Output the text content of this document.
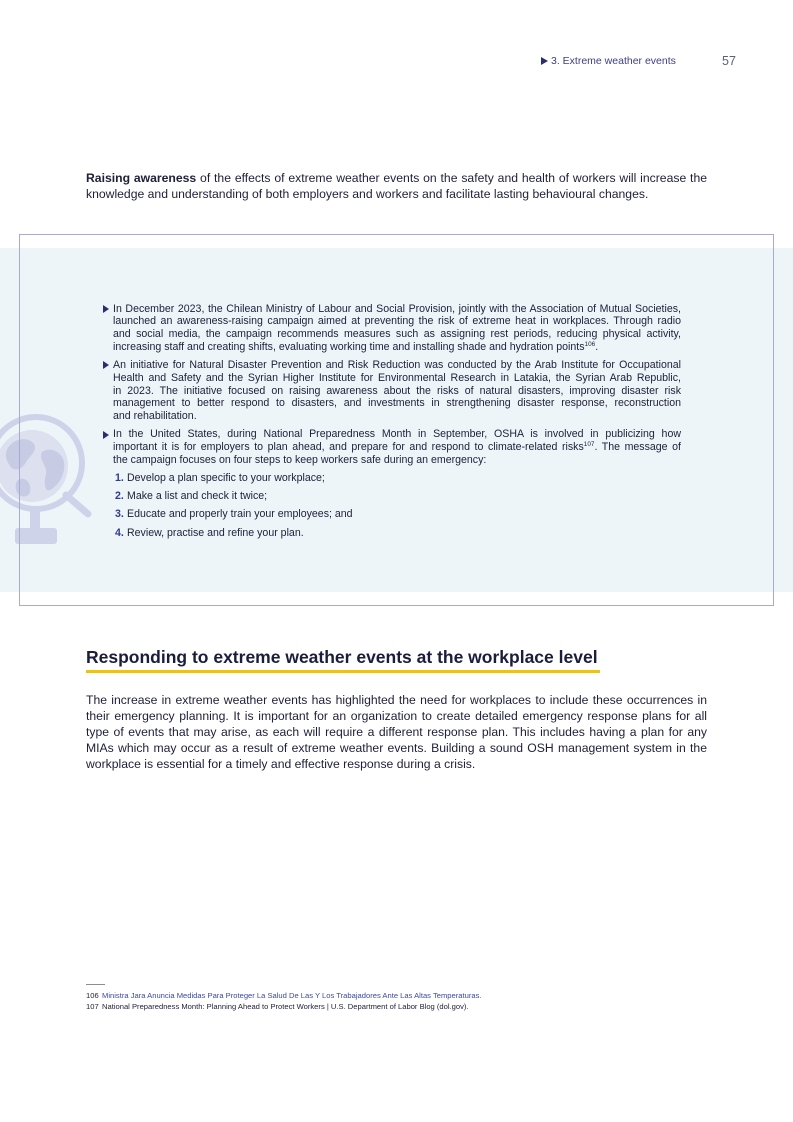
3. Extreme weather events	57
Raising awareness of the effects of extreme weather events on the safety and health of workers will increase the
knowledge and understanding of both employers and workers and facilitate lasting behavioural changes.
In December 2023, the Chilean Ministry of Labour and Social Provision, jointly with the Association of Mutual Societies,
launched an awareness-raising campaign aimed at preventing the risk of extreme heat in workplaces. Through radio
and social media, the campaign recommends measures such as assigning rest periods, reducing physical activity,
increasing staff and creating shifts, evaluating working time and installing shade and hydration points$^{106}$.
An initiative for Natural Disaster Prevention and Risk Reduction was conducted by the Arab Institute for Occupational
Health and Safety and the Syrian Higher Institute for Environmental Research in Latakia, the Syrian Arab Republic,
in 2023. The initiative focused on raising awareness about the risks of natural disasters, improving disaster risk
management to better respond to disasters, and investments in strengthening disaster response, reconstruction
and rehabilitation.
In the United States, during National Preparedness Month in September, OSHA is involved in publicizing how
important it is for employers to plan ahead, and prepare for and respond to climate-related risks$^{107}$. The message of
the campaign focuses on four steps to keep workers safe during an emergency:
1. Develop a plan specific to your workplace;
2. Make a list and check it twice;
3. Educate and properly train your employees; and
4. Review, practise and refine your plan.
Responding to extreme weather events at the workplace level
The increase in extreme weather events has highlighted the need for workplaces to include these occurrences in
their emergency planning. It is important for an organization to create detailed emergency response plans for all
type of events that may arise, as each will require a different response plan. This includes having a plan for any
MIAs which may occur as a result of extreme weather events. Building a sound OSH management system in the
workplace is essential for a timely and effective response during a crisis.
106 Ministra Jara Anuncia Medidas Para Proteger La Salud De Las Y Los Trabajadores Ante Las Altas Temperaturas.
107 National Preparedness Month: Planning Ahead to Protect Workers | U.S. Department of Labor Blog (dol.gov).
